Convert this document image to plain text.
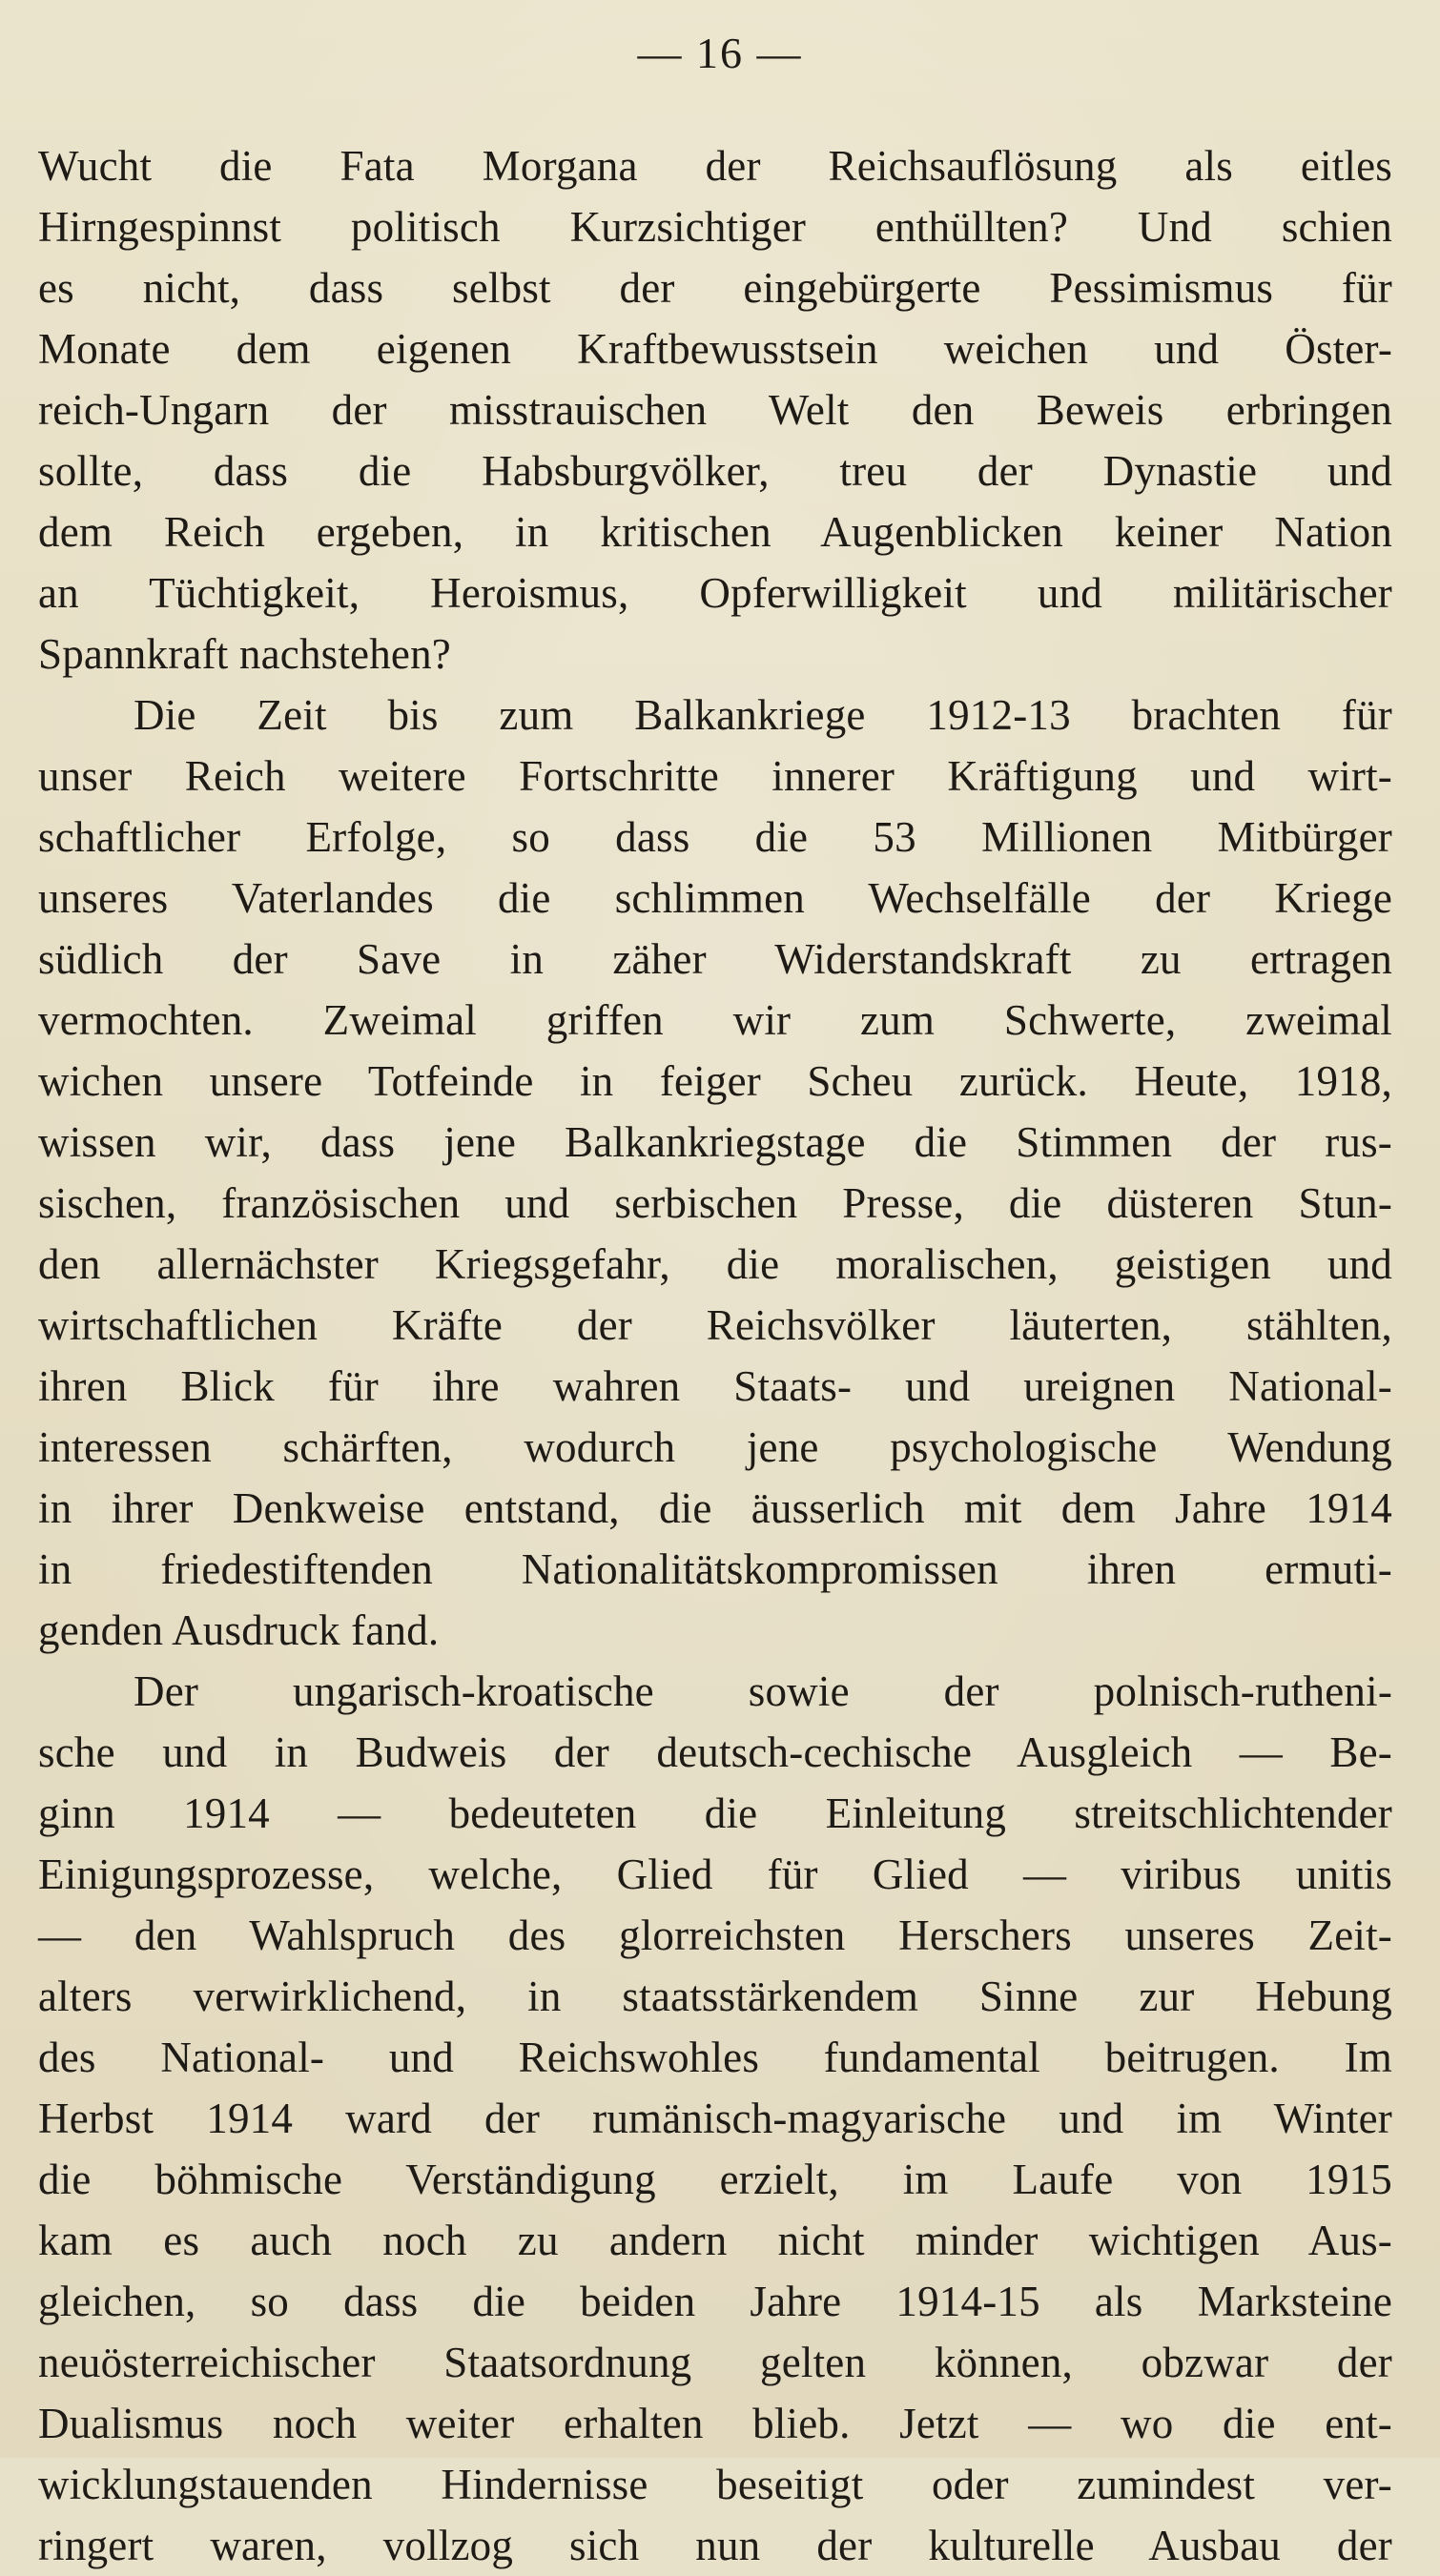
— 16 —
Wucht die Fata Morgana der Reichsauflösung als eitles
Hirngespinnst politisch Kurzsichtiger enthüllten? Und schien
es nicht, dass selbst der eingebürgerte Pessimismus für
Monate dem eigenen Kraftbewusstsein weichen und Öster-
reich-Ungarn der misstrauischen Welt den Beweis erbringen
sollte, dass die Habsburgvölker, treu der Dynastie und
dem Reich ergeben, in kritischen Augenblicken keiner Nation
an Tüchtigkeit, Heroismus, Opferwilligkeit und militärischer
Spannkraft nachstehen?
Die Zeit bis zum Balkankriege 1912-13 brachten für
unser Reich weitere Fortschritte innerer Kräftigung und wirt-
schaftlicher Erfolge, so dass die 53 Millionen Mitbürger
unseres Vaterlandes die schlimmen Wechselfälle der Kriege
südlich der Save in zäher Widerstandskraft zu ertragen
vermochten. Zweimal griffen wir zum Schwerte, zweimal
wichen unsere Totfeinde in feiger Scheu zurück. Heute, 1918,
wissen wir, dass jene Balkankriegstage die Stimmen der rus-
sischen, französischen und serbischen Presse, die düsteren Stun-
den allernächster Kriegsgefahr, die moralischen, geistigen und
wirtschaftlichen Kräfte der Reichsvölker läuterten, stählten,
ihren Blick für ihre wahren Staats- und ureignen National-
interessen schärften, wodurch jene psychologische Wendung
in ihrer Denkweise entstand, die äusserlich mit dem Jahre 1914
in friedestiftenden Nationalitätskompromissen ihren ermuti-
genden Ausdruck fand.
Der ungarisch-kroatische sowie der polnisch-rutheni-
sche und in Budweis der deutsch-cechische Ausgleich — Be-
ginn 1914 — bedeuteten die Einleitung streitschlichtender
Einigungsprozesse, welche, Glied für Glied — viribus unitis
— den Wahlspruch des glorreichsten Herschers unseres Zeit-
alters verwirklichend, in staatsstärkendem Sinne zur Hebung
des National- und Reichswohles fundamental beitrugen. Im
Herbst 1914 ward der rumänisch-magyarische und im Winter
die böhmische Verständigung erzielt, im Laufe von 1915
kam es auch noch zu andern nicht minder wichtigen Aus-
gleichen, so dass die beiden Jahre 1914-15 als Marksteine
neuösterreichischer Staatsordnung gelten können, obzwar der
Dualismus noch weiter erhalten blieb. Jetzt — wo die ent-
wicklungstauenden Hindernisse beseitigt oder zumindest ver-
ringert waren, vollzog sich nun der kulturelle Ausbau der
